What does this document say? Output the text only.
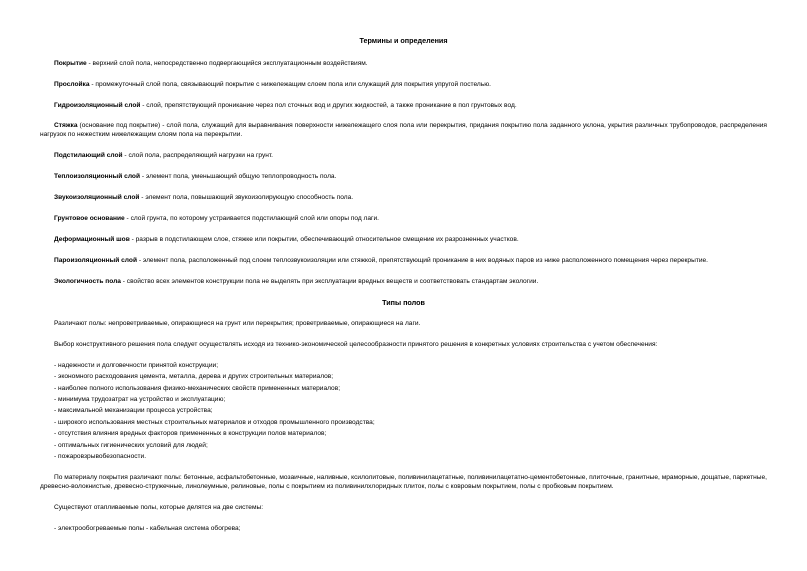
Термины и определения

Покрытие - верхний слой пола, непосредственно подвергающийся эксплуатационным воздействиям.

Прослойка - промежуточный слой пола, связывающий покрытие с нижележащим слоем пола или служащий для покрытия упругой постелью.

Гидроизоляционный слой - слой, препятствующий проникание через пол сточных вод и других жидкостей, а также проникание в пол грунтовых вод.

Стяжка (основание под покрытие) - слой пола, служащий для выравнивания поверхности нижележащего слоя пола или перекрытия, придания покрытию пола заданного уклона, укрытия различных трубопроводов, распределения нагрузок по нежестким нижележащим слоям пола на перекрытии.

Подстилающий слой - слой пола, распределяющий нагрузки на грунт.

Теплоизоляционный слой - элемент пола, уменьшающий общую теплопроводность пола.

Звукоизоляционный слой - элемент пола, повышающий звукоизолирующую способность пола.

Грунтовое основание - слой грунта, по которому устраивается подстилающий слой или опоры под лаги.

Деформационный шов - разрыв в подстилающем слое, стяжке или покрытии, обеспечивающий относительное смещение их разрозненных участков.

Пароизоляционный слой - элемент пола, расположенный под слоем теплозвукоизоляции или стяжкой, препятствующий проникание в них водяных паров из ниже расположенного помещения через перекрытие.

Экологичность пола - свойство всех элементов конструкции пола не выделять при эксплуатации вредных веществ и соответствовать стандартам экологии.

Типы полов

Различают полы: непроветриваемые, опирающиеся на грунт или перекрытия; проветриваемые, опирающиеся на лаги.

Выбор конструктивного решения пола следует осуществлять исходя из технико-экономической целесообразности принятого решения в конкретных условиях строительства с учетом обеспечения:

- надежности и долговечности принятой конструкции;
- экономного расходования цемента, металла, дерева и других строительных материалов;
- наиболее полного использования физико-механических свойств примененных материалов;
- минимума трудозатрат на устройство и эксплуатацию;
- максимальной механизации процесса устройства;
- широкого использования местных строительных материалов и отходов промышленного производства;
- отсутствия влияния вредных факторов примененных в конструкции полов материалов;
- оптимальных гигиенических условий для людей;
- пожаровзрывобезопасности.

По материалу покрытия различают полы: бетонные, асфальтобетонные, мозаичные, наливные, ксилолитовые, поливинилацетатные, поливинилацетатно-цементобетонные, плиточные, гранитные, мраморные, дощатые, паркетные, древесно-волокнистые, древесно-стружечные, линолеумные, релиновые, полы с покрытием из поливинилхлоридных плиток, полы с ковровым покрытием, полы с пробковым покрытием.

Существуют отапливаемые полы, которые делятся на две системы:

- электрообогреваемые полы - кабельная система обогрева;
